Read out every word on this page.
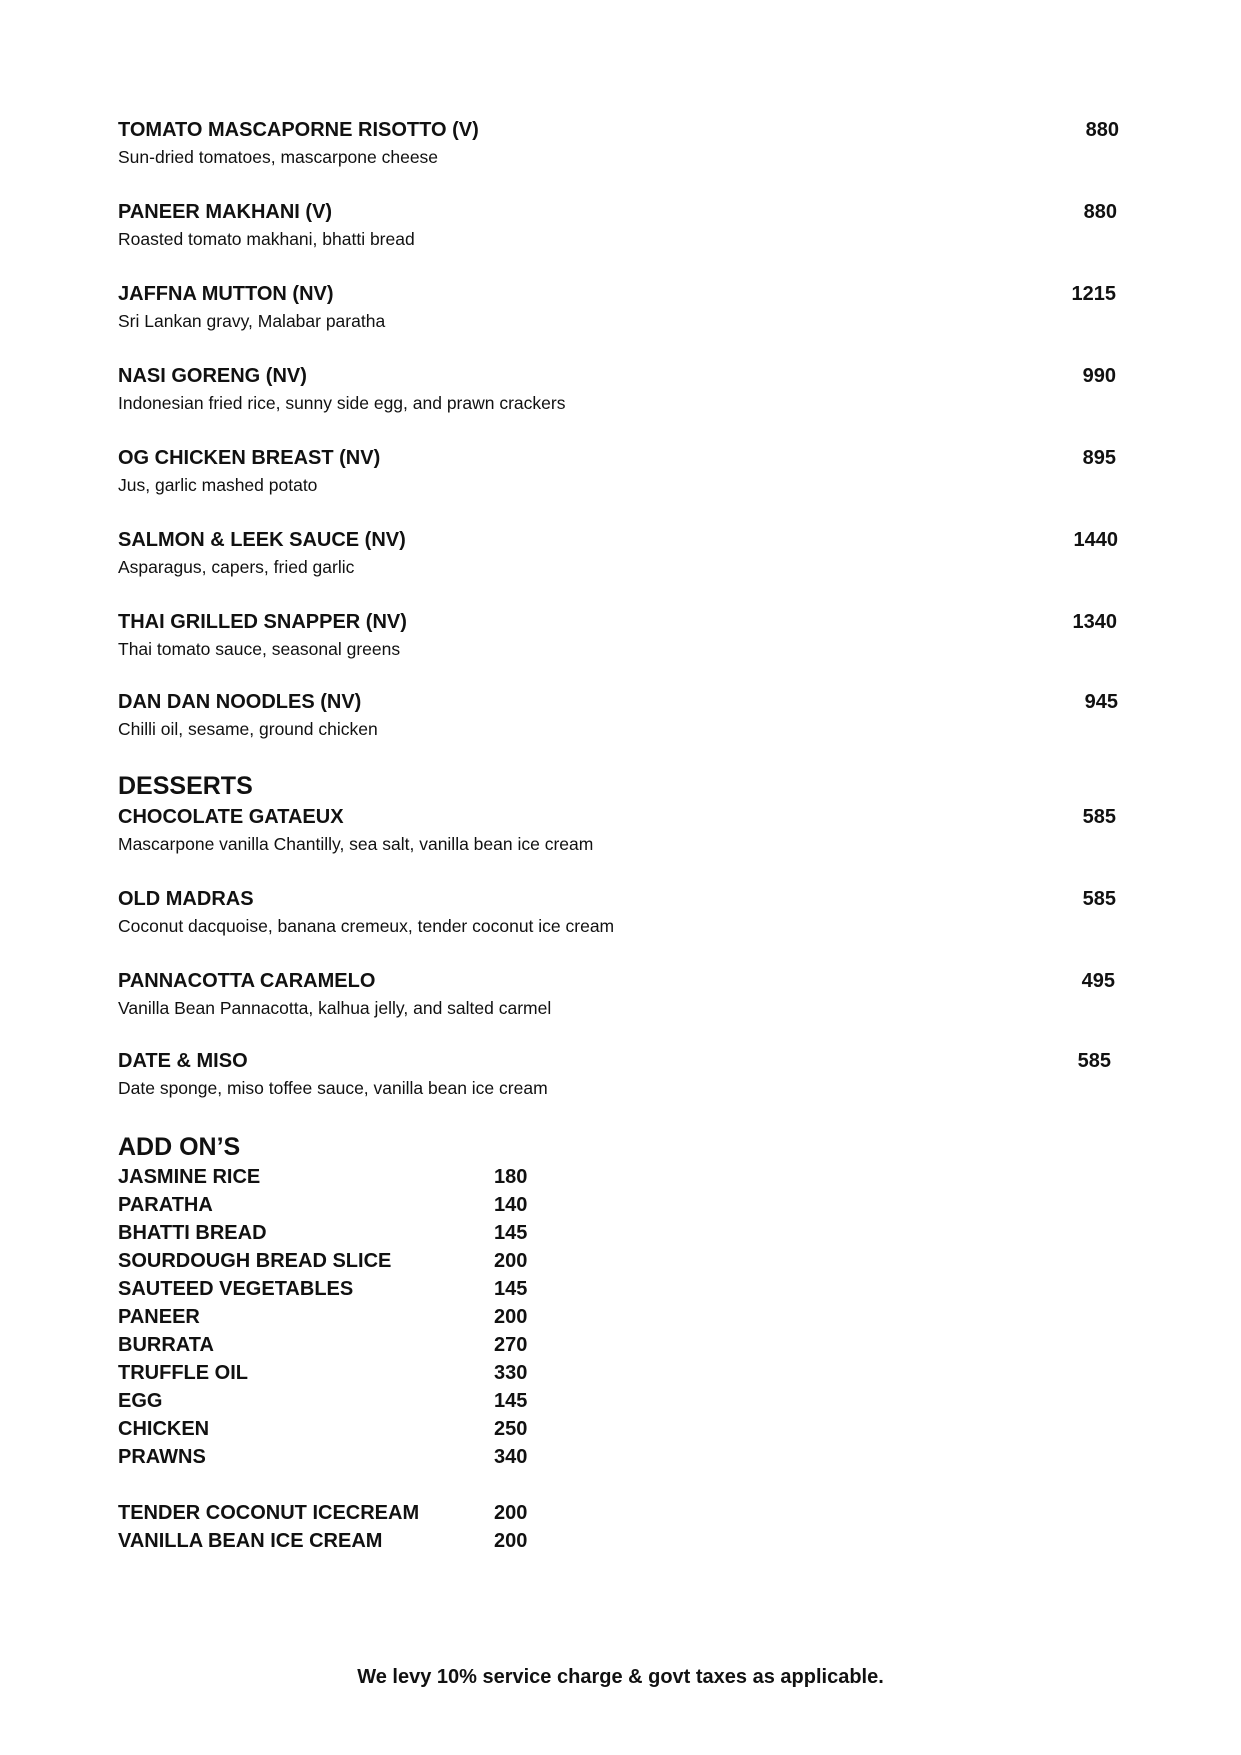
TOMATO MASCAPORNE RISOTTO (V)
Sun-dried tomatoes, mascarpone cheese
880
PANEER MAKHANI (V)
Roasted tomato makhani, bhatti bread
880
JAFFNA MUTTON (NV)
Sri Lankan gravy, Malabar paratha
1215
NASI GORENG (NV)
Indonesian fried rice, sunny side egg, and prawn crackers
990
OG CHICKEN BREAST (NV)
Jus, garlic mashed potato
895
SALMON & LEEK SAUCE (NV)
Asparagus, capers, fried garlic
1440
THAI GRILLED SNAPPER (NV)
Thai tomato sauce, seasonal greens
1340
DAN DAN NOODLES (NV)
Chilli oil, sesame, ground chicken
945
DESSERTS
CHOCOLATE GATAEUX
Mascarpone vanilla Chantilly, sea salt, vanilla bean ice cream
585
OLD MADRAS
Coconut dacquoise, banana cremeux, tender coconut ice cream
585
PANNACOTTA CARAMELO
Vanilla Bean Pannacotta, kalhua jelly, and salted carmel
495
DATE & MISO
Date sponge, miso toffee sauce, vanilla bean ice cream
585
ADD ON’S
JASMINE RICE	180
PARATHA	140
BHATTI BREAD	145
SOURDOUGH BREAD SLICE	200
SAUTEED VEGETABLES	145
PANEER	200
BURRATA	270
TRUFFLE OIL	330
EGG	145
CHICKEN	250
PRAWNS	340
TENDER COCONUT ICECREAM	200
VANILLA BEAN ICE CREAM	200
We levy 10% service charge & govt taxes as applicable.
